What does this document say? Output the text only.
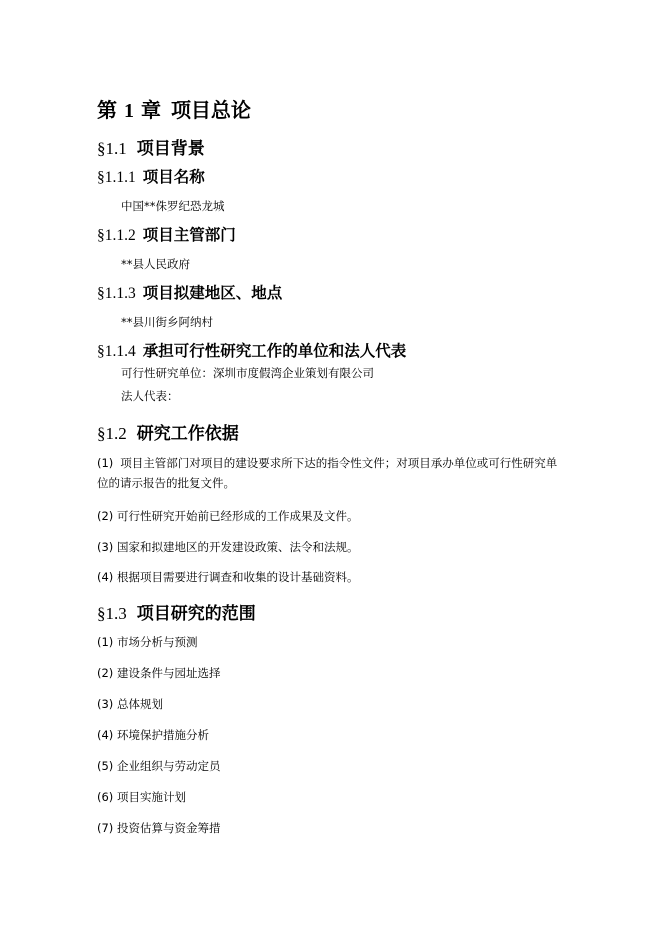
第 1 章 项目总论
§1.1 项目背景
§1.1.1 项目名称
中国**侏罗纪恐龙城
§1.1.2 项目主管部门
**县人民政府
§1.1.3 项目拟建地区、地点
**县川街乡阿纳村
§1.1.4 承担可行性研究工作的单位和法人代表
可行性研究单位：深圳市度假湾企业策划有限公司
法人代表：
§1.2 研究工作依据
(1) 项目主管部门对项目的建设要求所下达的指令性文件；对项目承办单位或可行性研究单
位的请示报告的批复文件。
(2) 可行性研究开始前已经形成的工作成果及文件。
(3) 国家和拟建地区的开发建设政策、法令和法规。
(4) 根据项目需要进行调查和收集的设计基础资料。
§1.3 项目研究的范围
(1) 市场分析与预测
(2) 建设条件与园址选择
(3) 总体规划
(4) 环境保护措施分析
(5) 企业组织与劳动定员
(6) 项目实施计划
(7) 投资估算与资金筹措
